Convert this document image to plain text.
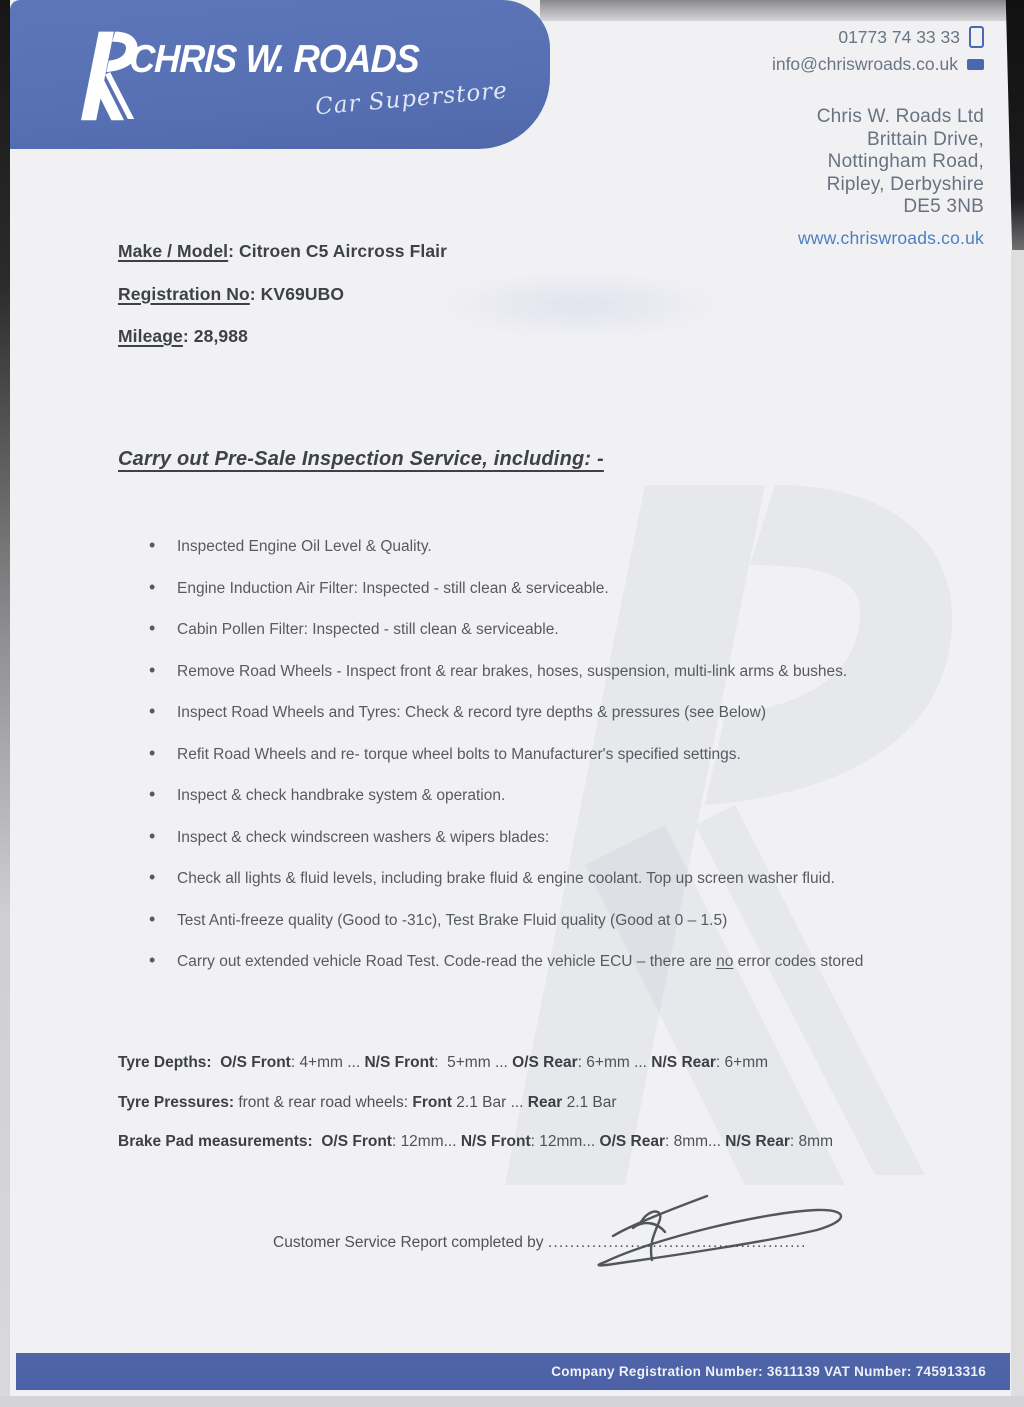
CHRIS W. ROADS
Car Superstore
01773 74 33 33
info@chriswroads.co.uk
Chris W. Roads Ltd
Brittain Drive,
Nottingham Road,
Ripley, Derbyshire
DE5 3NB
www.chriswroads.co.uk
Make / Model: Citroen C5 Aircross Flair
Registration No: KV69UBO
Mileage: 28,988
Carry out Pre-Sale Inspection Service, including: -
• Inspected Engine Oil Level & Quality.
• Engine Induction Air Filter: Inspected - still clean & serviceable.
• Cabin Pollen Filter: Inspected - still clean & serviceable.
• Remove Road Wheels - Inspect front & rear brakes, hoses, suspension, multi-link arms & bushes.
• Inspect Road Wheels and Tyres: Check & record tyre depths & pressures (see Below)
• Refit Road Wheels and re- torque wheel bolts to Manufacturer's specified settings.
• Inspect & check handbrake system & operation.
• Inspect & check windscreen washers & wipers blades:
• Check all lights & fluid levels, including brake fluid & engine coolant. Top up screen washer fluid.
• Test Anti-freeze quality (Good to -31c), Test Brake Fluid quality (Good at 0 – 1.5)
• Carry out extended vehicle Road Test. Code-read the vehicle ECU – there are no error codes stored
Tyre Depths: O/S Front: 4+mm ... N/S Front:  5+mm ... O/S Rear: 6+mm ... N/S Rear: 6+mm
Tyre Pressures: front & rear road wheels: Front 2.1 Bar ... Rear 2.1 Bar
Brake Pad measurements: O/S Front: 12mm... N/S Front: 12mm... O/S Rear: 8mm... N/S Rear: 8mm
Customer Service Report completed by ...............................................
Company Registration Number: 3611139 VAT Number: 745913316
